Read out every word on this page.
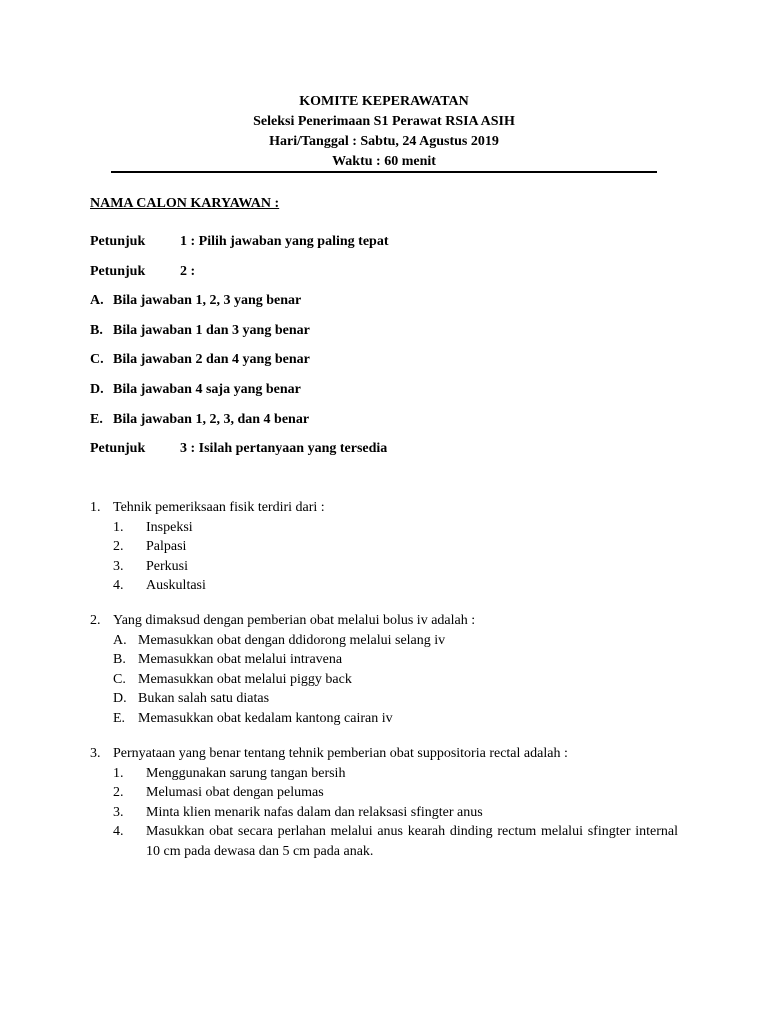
KOMITE KEPERAWATAN
Seleksi Penerimaan S1 Perawat RSIA ASIH
Hari/Tanggal : Sabtu, 24 Agustus 2019
Waktu : 60 menit
NAMA CALON KARYAWAN :
Petunjuk 1 : Pilih jawaban yang paling tepat
Petunjuk 2 :
A. Bila jawaban 1, 2, 3 yang benar
B. Bila jawaban 1 dan 3 yang benar
C. Bila jawaban 2 dan 4 yang benar
D. Bila jawaban 4 saja yang benar
E. Bila jawaban 1, 2, 3, dan 4 benar
Petunjuk 3 : Isilah pertanyaan yang tersedia
1. Tehnik pemeriksaan fisik terdiri dari :
1.	Inspeksi
2.	Palpasi
3.	Perkusi
4.	Auskultasi
2. Yang dimaksud dengan pemberian obat melalui bolus iv adalah :
A. Memasukkan obat dengan ddidorong melalui selang iv
B. Memasukkan obat melalui intravena
C. Memasukkan obat melalui piggy back
D. Bukan salah satu diatas
E. Memasukkan obat kedalam kantong cairan iv
3. Pernyataan yang benar tentang tehnik pemberian obat suppositoria rectal adalah :
1.	Menggunakan sarung tangan bersih
2.	Melumasi obat dengan pelumas
3.	Minta klien menarik nafas dalam dan relaksasi sfingter anus
4.	Masukkan obat secara perlahan melalui anus kearah dinding rectum melalui sfingter internal 10 cm pada dewasa dan 5 cm pada anak.
